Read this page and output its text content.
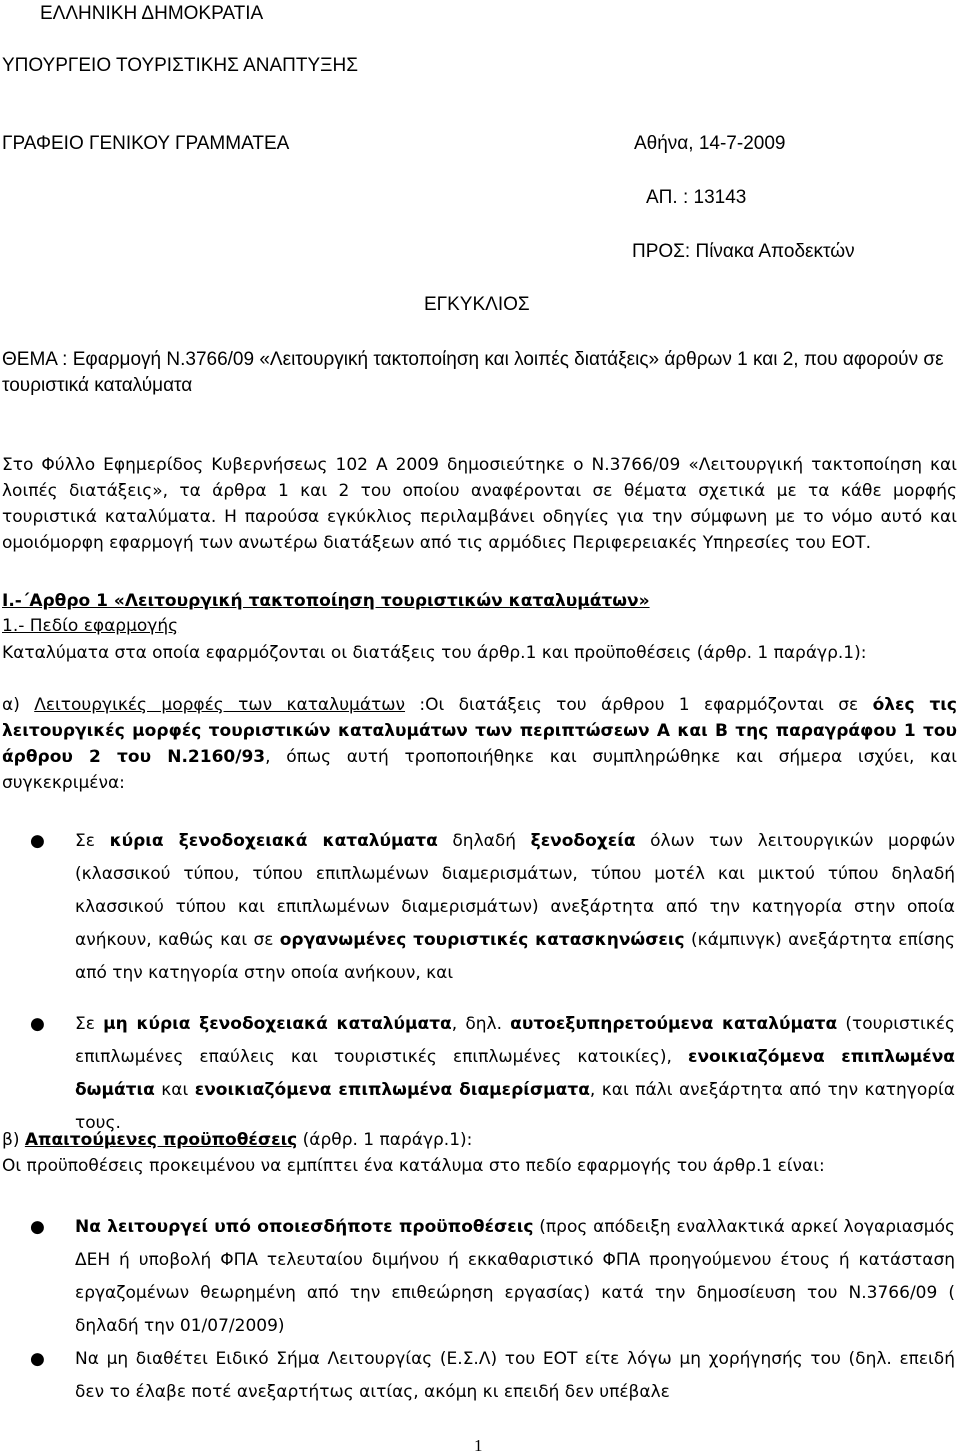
ΕΛΛΗΝΙΚΗ ΔΗΜΟΚΡΑΤΙΑ
ΥΠΟΥΡΓΕΙΟ ΤΟΥΡΙΣΤΙΚΗΣ ΑΝΑΠΤΥΞΗΣ
ΓΡΑΦΕΙΟ ΓΕΝΙΚΟΥ ΓΡΑΜΜΑΤΕΑ	Αθήνα, 14-7-2009
ΑΠ. : 13143
ΠΡΟΣ: Πίνακα Αποδεκτών
ΕΓΚΥΚΛΙΟΣ
ΘΕΜΑ : Εφαρμογή Ν.3766/09 «Λειτουργική τακτοποίηση και λοιπές διατάξεις» άρθρων 1 και 2, που αφορούν σε τουριστικά καταλύματα
Στο Φύλλο Εφημερίδος Κυβερνήσεως 102 Α 2009 δημοσιεύτηκε ο Ν.3766/09 «Λειτουργική τακτοποίηση και λοιπές διατάξεις», τα άρθρα 1 και 2 του οποίου αναφέρονται σε θέματα σχετικά με τα κάθε μορφής τουριστικά καταλύματα. Η παρούσα εγκύκλιος περιλαμβάνει οδηγίες για την σύμφωνη με το νόμο αυτό και ομοιόμορφη εφαρμογή των ανωτέρω διατάξεων από τις αρμόδιες Περιφερειακές Υπηρεσίες του ΕΟΤ.
Ι.-΄Αρθρο 1 «Λειτουργική τακτοποίηση τουριστικών καταλυμάτων»
1.- Πεδίο εφαρμογής
Καταλύματα στα οποία εφαρμόζονται οι διατάξεις του άρθρ.1 και προϋποθέσεις (άρθρ. 1 παράγρ.1):
α) Λειτουργικές μορφές των καταλυμάτων :Οι διατάξεις του άρθρου 1 εφαρμόζονται σε όλες τις λειτουργικές μορφές τουριστικών καταλυμάτων των περιπτώσεων Α και Β της παραγράφου 1 του άρθρου 2 του Ν.2160/93, όπως αυτή τροποποιήθηκε και συμπληρώθηκε και σήμερα ισχύει, και συγκεκριμένα:
● Σε κύρια ξενοδοχειακά καταλύματα δηλαδή ξενοδοχεία όλων των λειτουργικών μορφών (κλασσικού τύπου, τύπου επιπλωμένων διαμερισμάτων, τύπου μοτέλ και μικτού τύπου δηλαδή κλασσικού τύπου και επιπλωμένων διαμερισμάτων) ανεξάρτητα από την κατηγορία στην οποία ανήκουν, καθώς και σε οργανωμένες τουριστικές κατασκηνώσεις (κάμπινγκ) ανεξάρτητα επίσης από την κατηγορία στην οποία ανήκουν, και
● Σε μη κύρια ξενοδοχειακά καταλύματα, δηλ. αυτοεξυπηρετούμενα καταλύματα (τουριστικές επιπλωμένες επαύλεις και τουριστικές επιπλωμένες κατοικίες), ενοικιαζόμενα επιπλωμένα δωμάτια και ενοικιαζόμενα επιπλωμένα διαμερίσματα, και πάλι ανεξάρτητα από την κατηγορία τους.
β) Απαιτούμενες προϋποθέσεις (άρθρ. 1 παράγρ.1):
Οι προϋποθέσεις προκειμένου να εμπίπτει ένα κατάλυμα στο πεδίο εφαρμογής του άρθρ.1 είναι:
● Να λειτουργεί υπό οποιεσδήποτε προϋποθέσεις (προς απόδειξη εναλλακτικά αρκεί λογαριασμός ΔΕΗ ή υποβολή ΦΠΑ τελευταίου διμήνου ή εκκαθαριστικό ΦΠΑ προηγούμενου έτους ή κατάσταση εργαζομένων θεωρημένη από την επιθεώρηση εργασίας) κατά την δημοσίευση του Ν.3766/09 ( δηλαδή την 01/07/2009)
● Να μη διαθέτει Ειδικό Σήμα Λειτουργίας (Ε.Σ.Λ) του ΕΟΤ είτε λόγω μη χορήγησής του (δηλ. επειδή δεν το έλαβε ποτέ ανεξαρτήτως αιτίας, ακόμη κι επειδή δεν υπέβαλε
1
